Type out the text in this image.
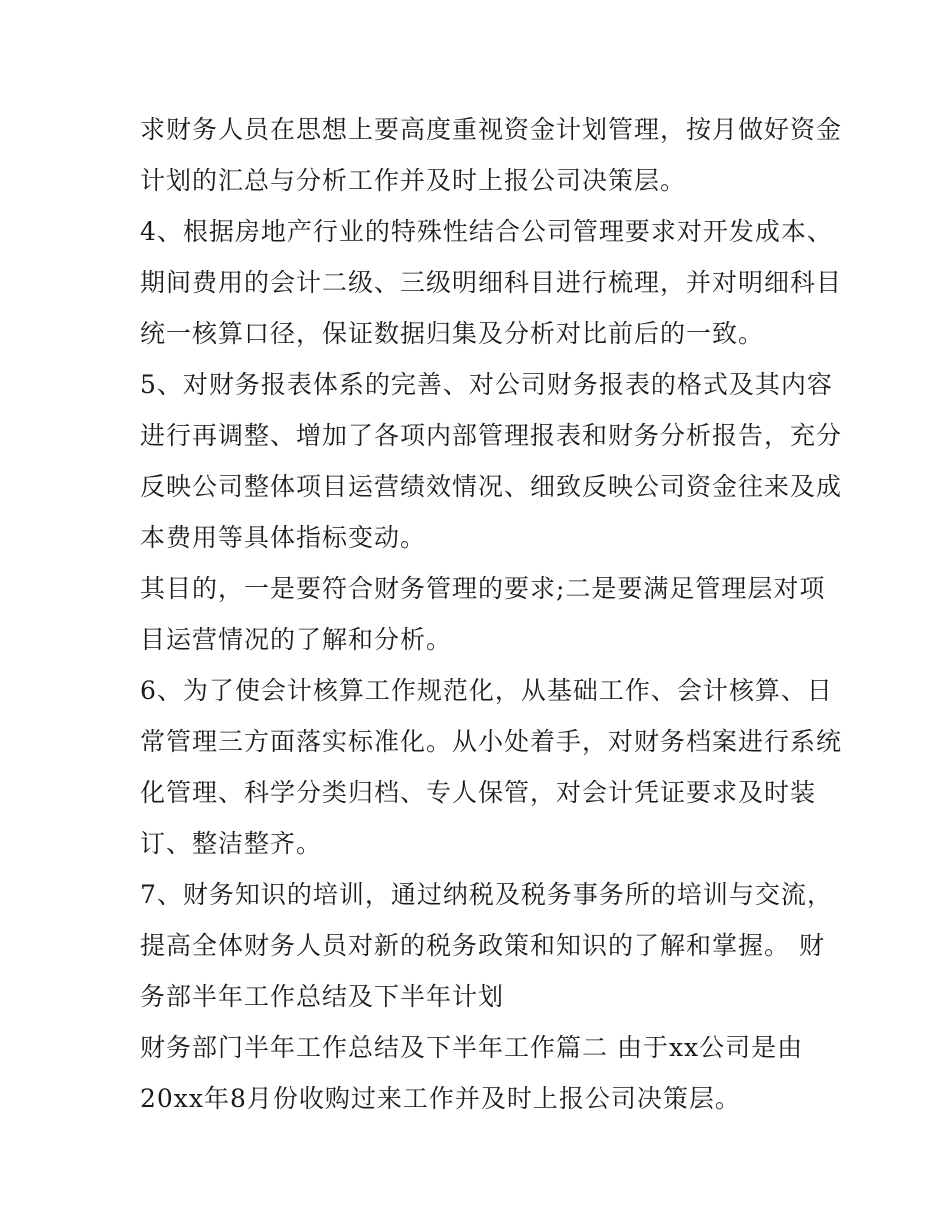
求财务人员在思想上要高度重视资金计划管理，按月做好资金
计划的汇总与分析工作并及时上报公司决策层。
4、根据房地产行业的特殊性结合公司管理要求对开发成本、
期间费用的会计二级、三级明细科目进行梳理，并对明细科目
统一核算口径，保证数据归集及分析对比前后的一致。
5、对财务报表体系的完善、对公司财务报表的格式及其内容
进行再调整、增加了各项内部管理报表和财务分析报告，充分
反映公司整体项目运营绩效情况、细致反映公司资金往来及成
本费用等具体指标变动。
其目的，一是要符合财务管理的要求;二是要满足管理层对项
目运营情况的了解和分析。
6、为了使会计核算工作规范化，从基础工作、会计核算、日
常管理三方面落实标准化。从小处着手，对财务档案进行系统
化管理、科学分类归档、专人保管，对会计凭证要求及时装
订、整洁整齐。
7、财务知识的培训，通过纳税及税务事务所的培训与交流，
提高全体财务人员对新的税务政策和知识的了解和掌握。 财
务部半年工作总结及下半年计划
财务部门半年工作总结及下半年工作篇二 由于xx公司是由
20xx年8月份收购过来工作并及时上报公司决策层。
